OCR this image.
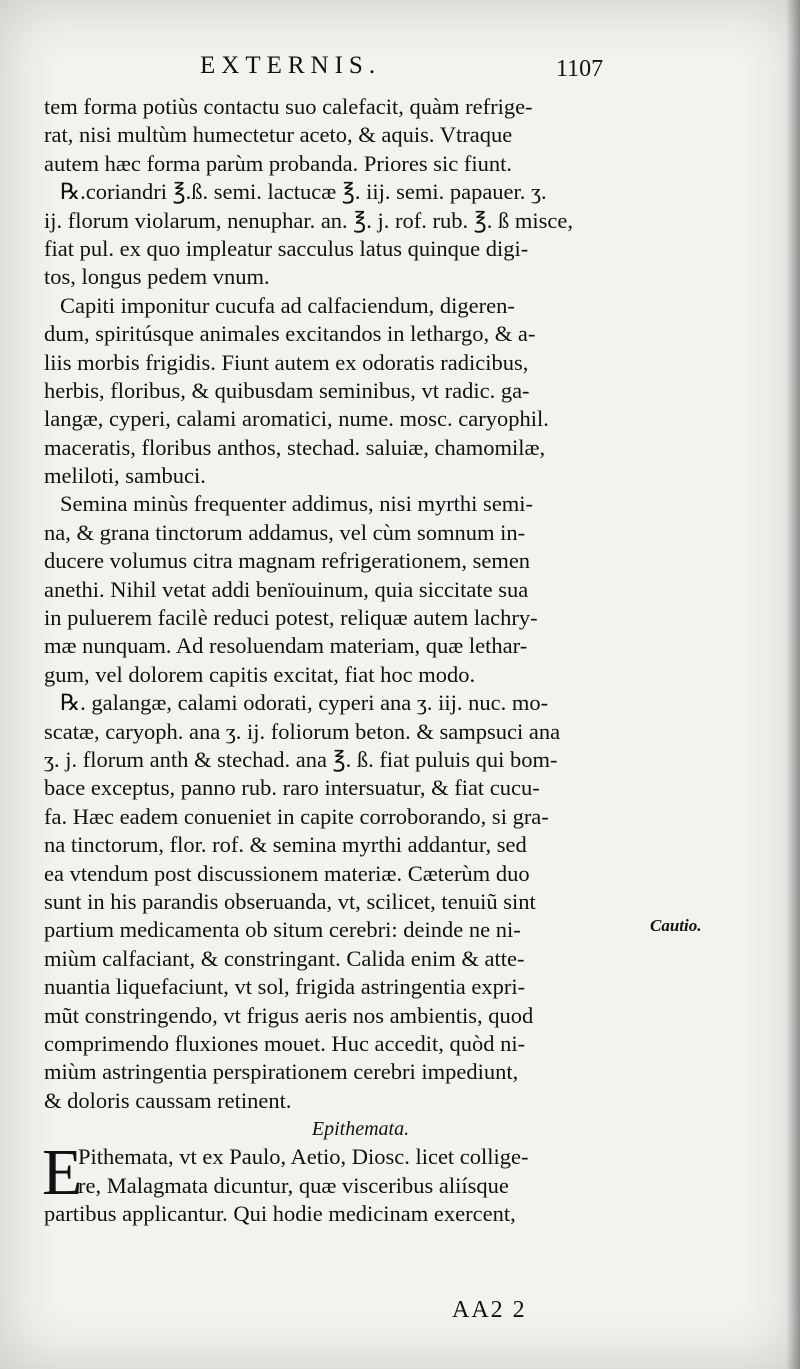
EXTERNIS.	1107
tem forma potiùs contactu suo calefacit, quàm refrige-
rat, nisi multùm humectetur aceto, & aquis. Vtraque
autem hæc forma parùm probanda. Priores sic fiunt.
℞.coriandri ℥.ß. semi. lactucæ ℥. iij. semi. papauer. ʒ.
ij. florum violarum, nenuphar. an. ℥. j. rof. rub. ℥. ß misce,
fiat pul. ex quo impleatur sacculus latus quinque digi-
tos, longus pedem vnum.
Capiti imponitur cucufa ad calfaciendum, digeren-
dum, spiritúsque animales excitandos in lethargo, & a-
liis morbis frigidis. Fiunt autem ex odoratis radicibus,
herbis, floribus, & quibusdam seminibus, vt radic. ga-
langæ, cyperi, calami aromatici, nume. mosc. caryophil.
maceratis, floribus anthos, stechad. saluiæ, chamomilæ,
meliloti, sambuci.
Semina minùs frequenter addimus, nisi myrthi semi-
na, & grana tinctorum addamus, vel cùm somnum in-
ducere volumus citra magnam refrigerationem, semen
anethi. Nihil vetat addi benïouinum, quia siccitate sua
in puluerem facilè reduci potest, reliquæ autem lachry-
mæ nunquam. Ad resoluendam materiam, quæ lethar-
gum, vel dolorem capitis excitat, fiat hoc modo.
℞. galangæ, calami odorati, cyperi ana ʒ. iij. nuc. mo-
scatæ, caryoph. ana ʒ. ij. foliorum beton. & sampsuci ana
ʒ. j. florum anth & stechad. ana ℥. ß. fiat puluis qui bom-
bace exceptus, panno rub. raro intersuatur, & fiat cucu-
fa. Hæc eadem conueniet in capite corroborando, si gra-
na tinctorum, flor. rof. & semina myrthi addantur, sed
ea vtendum post discussionem materiæ. Cæterùm duo
sunt in his parandis obseruanda, vt, scilicet, tenuiũ sint
partium medicamenta ob situm cerebri: deinde ne ni-
miùm calfaciant, & constringant. Calida enim & atte-
nuantia liquefaciunt, vt sol, frigida astringentia expri-
mũt constringendo, vt frigus aeris nos ambientis, quod
comprimendo fluxiones mouet. Huc accedit, quòd ni-
miùm astringentia perspirationem cerebri impediunt,
& doloris caussam retinent.
Epithemata.
E
Pithemata, vt ex Paulo, Aetio, Diosc. licet collige-
re, Malagmata dicuntur, quæ visceribus aliísque
partibus applicantur. Qui hodie medicinam exercent,
Cautio.
AA2 2
